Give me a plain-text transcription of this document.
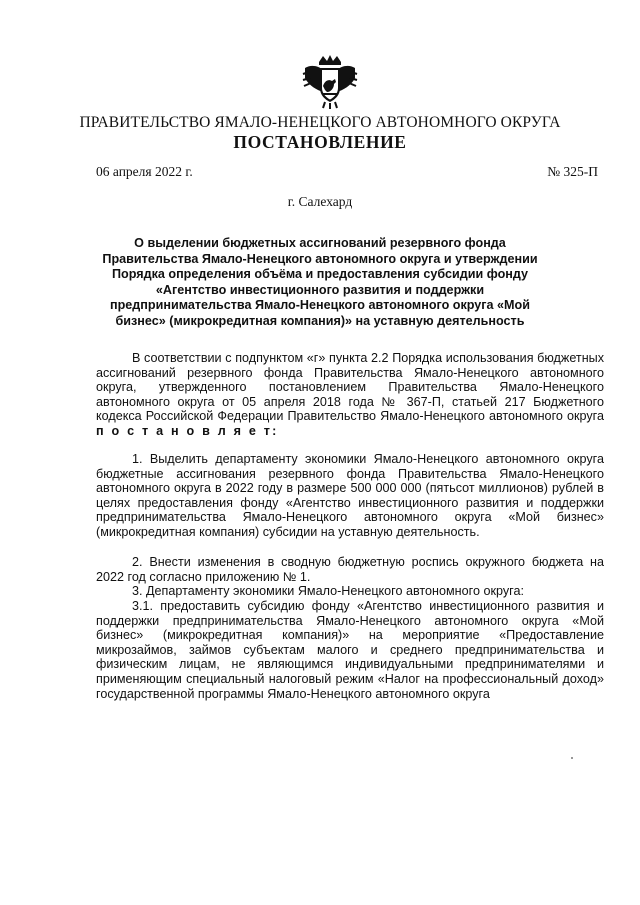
ПРАВИТЕЛЬСТВО ЯМАЛО-НЕНЕЦКОГО АВТОНОМНОГО ОКРУГА
ПОСТАНОВЛЕНИЕ
06 апреля 2022 г.	№ 325-П
г. Салехард
О выделении бюджетных ассигнований резервного фонда Правительства Ямало-Ненецкого автономного округа и утверждении Порядка определения объёма и предоставления субсидии фонду «Агентство инвестиционного развития и поддержки предпринимательства Ямало-Ненецкого автономного округа «Мой бизнес» (микрокредитная компания)» на уставную деятельность
В соответствии с подпунктом «г» пункта 2.2 Порядка использования бюджетных ассигнований резервного фонда Правительства Ямало-Ненецкого автономного округа, утвержденного постановлением Правительства Ямало-Ненецкого автономного округа от 05 апреля 2018 года № 367-П, статьей 217 Бюджетного кодекса Российской Федерации Правительство Ямало-Ненецкого автономного округа п о с т а н о в л я е т:
1. Выделить департаменту экономики Ямало-Ненецкого автономного округа бюджетные ассигнования резервного фонда Правительства Ямало-Ненецкого автономного округа в 2022 году в размере 500 000 000 (пятьсот миллионов) рублей в целях предоставления фонду «Агентство инвестиционного развития и поддержки предпринимательства Ямало-Ненецкого автономного округа «Мой бизнес» (микрокредитная компания) субсидии на уставную деятельность.
2. Внести изменения в сводную бюджетную роспись окружного бюджета на 2022 год согласно приложению № 1.
3. Департаменту экономики Ямало-Ненецкого автономного округа:
3.1. предоставить субсидию фонду «Агентство инвестиционного развития и поддержки предпринимательства Ямало-Ненецкого автономного округа «Мой бизнес» (микрокредитная компания)» на мероприятие «Предоставление микрозаймов, займов субъектам малого и среднего предпринимательства и физическим лицам, не являющимся индивидуальными предпринимателями и применяющим специальный налоговый режим «Налог на профессиональный доход» государственной программы Ямало-Ненецкого автономного округа
